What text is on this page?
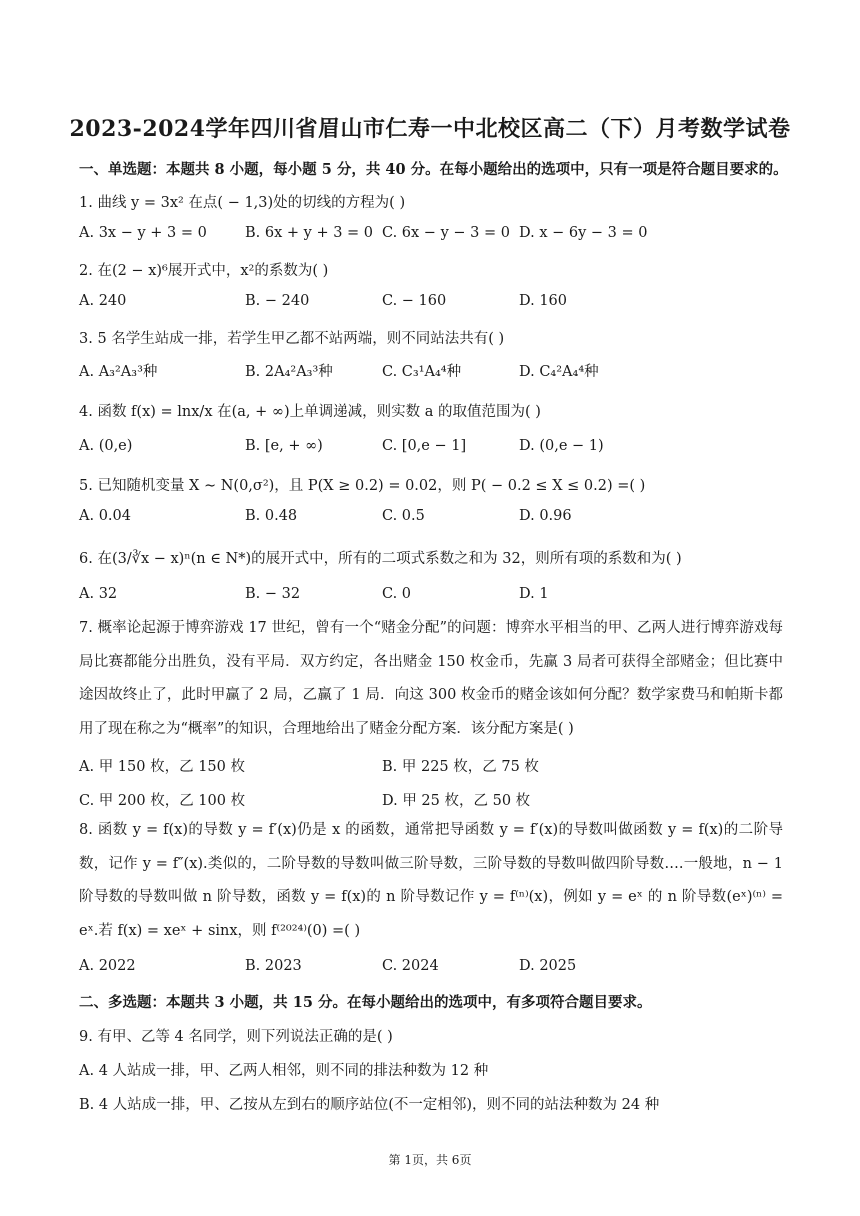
2023-2024学年四川省眉山市仁寿一中北校区高二（下）月考数学试卷
一、单选题：本题共 8 小题，每小题 5 分，共 40 分。在每小题给出的选项中，只有一项是符合题目要求的。
1. 曲线 y = 3x² 在点( − 1,3)处的切线的方程为( )
A. 3x − y + 3 = 0	B. 6x + y + 3 = 0 C. 6x − y − 3 = 0 D. x − 6y − 3 = 0
2. 在(2 − x)⁶展开式中，x²的系数为( )
A. 240	B. − 240	C. − 160	D. 160
3. 5 名学生站成一排，若学生甲乙都不站两端，则不同站法共有( )
A. A₃²A₃³种	B. 2A₄²A₃³种	C. C₃¹A₄⁴种	D. C₄²A₄⁴种
4. 函数 f(x) = lnx/x 在(a, + ∞)上单调递减，则实数 a 的取值范围为( )
A. (0,e)	B. [e, + ∞)	C. [0,e − 1]	D. (0,e − 1)
5. 已知随机变量 X ∼ N(0,σ²)，且 P(X ≥ 0.2) = 0.02，则 P( − 0.2 ≤ X ≤ 0.2) =( )
A. 0.04	B. 0.48	C. 0.5	D. 0.96
6. 在(3/∛x − x)ⁿ(n ∈ N*)的展开式中，所有的二项式系数之和为 32，则所有项的系数和为( )
A. 32	B. − 32	C. 0	D. 1
7. 概率论起源于博弈游戏 17 世纪，曾有一个“赌金分配”的问题：博弈水平相当的甲、乙两人进行博弈游戏每局比赛都能分出胜负，没有平局．双方约定，各出赌金 150 枚金币，先赢 3 局者可获得全部赌金；但比赛中途因故终止了，此时甲赢了 2 局，乙赢了 1 局．向这 300 枚金币的赌金该如何分配？数学家费马和帕斯卡都用了现在称之为“概率”的知识，合理地给出了赌金分配方案．该分配方案是( )
A. 甲 150 枚，乙 150 枚	B. 甲 225 枚，乙 75 枚
C. 甲 200 枚，乙 100 枚	D. 甲 25 枚，乙 50 枚
8. 函数 y = f(x)的导数 y = f′(x)仍是 x 的函数，通常把导函数 y = f′(x)的导数叫做函数 y = f(x)的二阶导数，记作 y = f″(x).类似的，二阶导数的导数叫做三阶导数，三阶导数的导数叫做四阶导数….一般地，n − 1 阶导数的导数叫做 n 阶导数，函数 y = f(x)的 n 阶导数记作 y = f⁽ⁿ⁾(x)，例如 y = eˣ 的 n 阶导数(eˣ)⁽ⁿ⁾ = eˣ.若 f(x) = xeˣ + sinx，则 f⁽²⁰²⁴⁾(0) =( )
A. 2022	B. 2023	C. 2024	D. 2025
二、多选题：本题共 3 小题，共 15 分。在每小题给出的选项中，有多项符合题目要求。
9. 有甲、乙等 4 名同学，则下列说法正确的是( )
A. 4 人站成一排，甲、乙两人相邻，则不同的排法种数为 12 种
B. 4 人站成一排，甲、乙按从左到右的顺序站位(不一定相邻)，则不同的站法种数为 24 种
第 1页，共 6页
